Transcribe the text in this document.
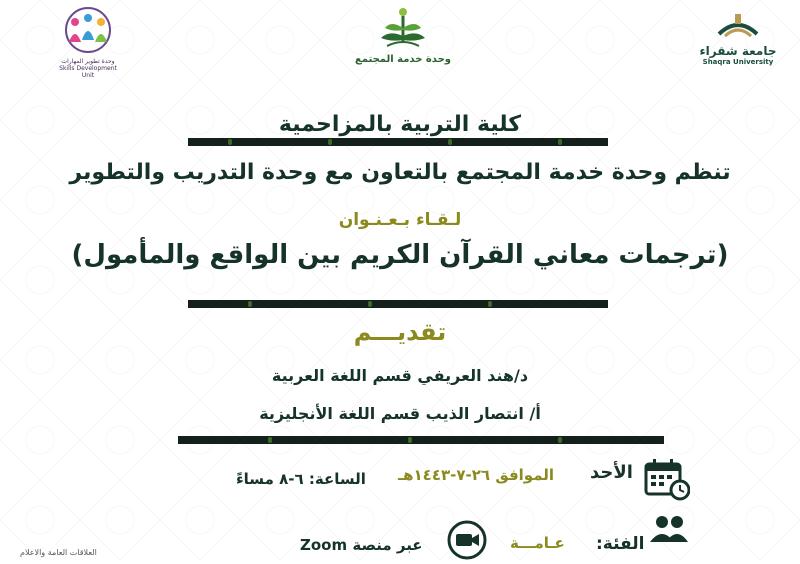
وحدة تطوير المهارات
Skills Development Unit
وحدة خدمة المجتمع
جامعة شقراء
Shaqra University
كلية التربية بالمزاحمية
تنظم وحدة خدمة المجتمع بالتعاون مع وحدة التدريب والتطوير
لـقـاء بـعـنـوان
(ترجمات معاني القرآن الكريم بين الواقع والمأمول)
تقديـــم
د/هند العريفي قسم اللغة العربية
أ/ انتصار الذيب قسم اللغة الأنجليزية
الأحد
الموافق ٢٦-٧-١٤٤٣هـ
الساعة: ٦-٨ مساءً
الفئة:
عـامـــة
عبر منصة Zoom
العلاقات العامة والاعلام
